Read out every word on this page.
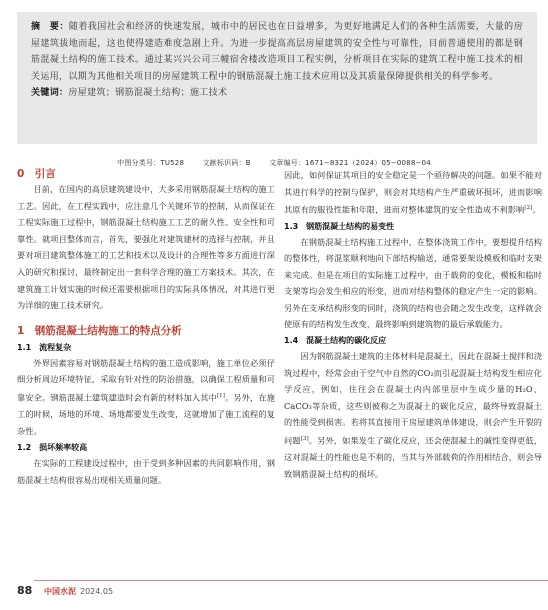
摘　要：随着我国社会和经济的快速发展，城市中的居民也在日益增多，为更好地满足人们的各种生活需要，大量的房屋建筑拔地而起，这也使得建造难度急剧上升。为进一步提高高层房屋建筑的安全性与可靠性，目前普通使用的都是钢筋混凝土结构的施工技术。通过某兴兴公司三幢宿舍楼改造项目工程实例，分析项目在实际的建筑工程中施工技术的相关运用，以期为其他相关项目的房屋建筑工程中的钢筋混凝土施工技术应用以及其质量保障提供相关的科学参考。

关键词：房屋建筑；钢筋混凝土结构；施工技术

中图分类号：TU528	文献标识码：B	文章编号：1671−8321（2024）05−0088−04
0　引言

目前，在国内的高层建筑建设中，大多采用钢筋混凝土结构的施工工艺。因此，在工程实践中，应注意几个关键环节的控制，从而保证在工程实际施工过程中，钢筋混凝土结构施工工艺的耐久性、安全性和可靠性。就项目整体而言，首先，要强化对建筑建材的选择与控制，并且要对项目建筑整体施工的工艺和技术以及设计的合理性等多方面进行深入的研究和探讨，最终制定出一套科学合理的施工方案技术。其次，在建筑施工计划实施的时候还需要根据项目的实际具体情况，对其进行更为详细的施工技术研究。

1　钢筋混凝土结构施工的特点分析
1.1　流程复杂

外界因素容易对钢筋混凝土结构的施工造成影响，施工单位必须仔细分析周边环境特征，采取有针对性的防治措施，以确保工程质量和可靠安全。钢筋混凝土建筑建造时会有新的材料加入其中[1]。另外，在施工的时候，场地的环境、场地都要发生改变，这就增加了施工流程的复杂性。

1.2　损坏频率较高

在实际的工程建设过程中，由于受到多种因素的共同影响作用，钢筋混凝土结构很容易出现相关质量问题。

因此，如何保证其项目的安全稳定是一个亟待解决的问题。如果不能对其进行科学的控制与保护，则会对其结构产生严重破坏损坏，进而影响其原有的服役性能和年限，进而对整体建筑的安全性造成不利影响[2]。

1.3　钢筋混凝土结构的易变性

在钢筋混凝土结构施工过程中，在整体浇筑工作中，要想提升结构的整体性，将混浆顺利地向下部结构输送，通常要架设模板和临时支架来完成。但是在项目的实际施工过程中，由于载荷的变化，模板和临时支架等均会发生相应的形变，进而对结构整体的稳定产生一定的影响。另外在支承结构形变的同时，浇筑的结构也会随之发生改变，这样就会使原有的结构发生改变，最终影响到建筑物的最后承载能力。

1.4　混凝土结构的碳化反应

因为钢筋混凝土建筑的主体材料是混凝土，因此在混凝土搅拌和浇筑过程中，经常会由于空气中自然的CO₂而引起混凝土结构发生相应化学反应，例如，往往会在混凝土内内部里层中生成少量的H₂O、CaCO₃等杂质，这些则被称之为混凝土的碳化反应，最终导致混凝土的性能受到损害。若将其直接用于房屋建筑单体建设，则会产生开裂的问题[3]。另外，如果发生了碳化反应，还会使混凝土的碱性变得更低，这对混凝土的性能也是不利的，当其与外部载荷的作用相结合，则会导致钢筋混凝土结构的损坏。

88 中国水泥 2024.05
